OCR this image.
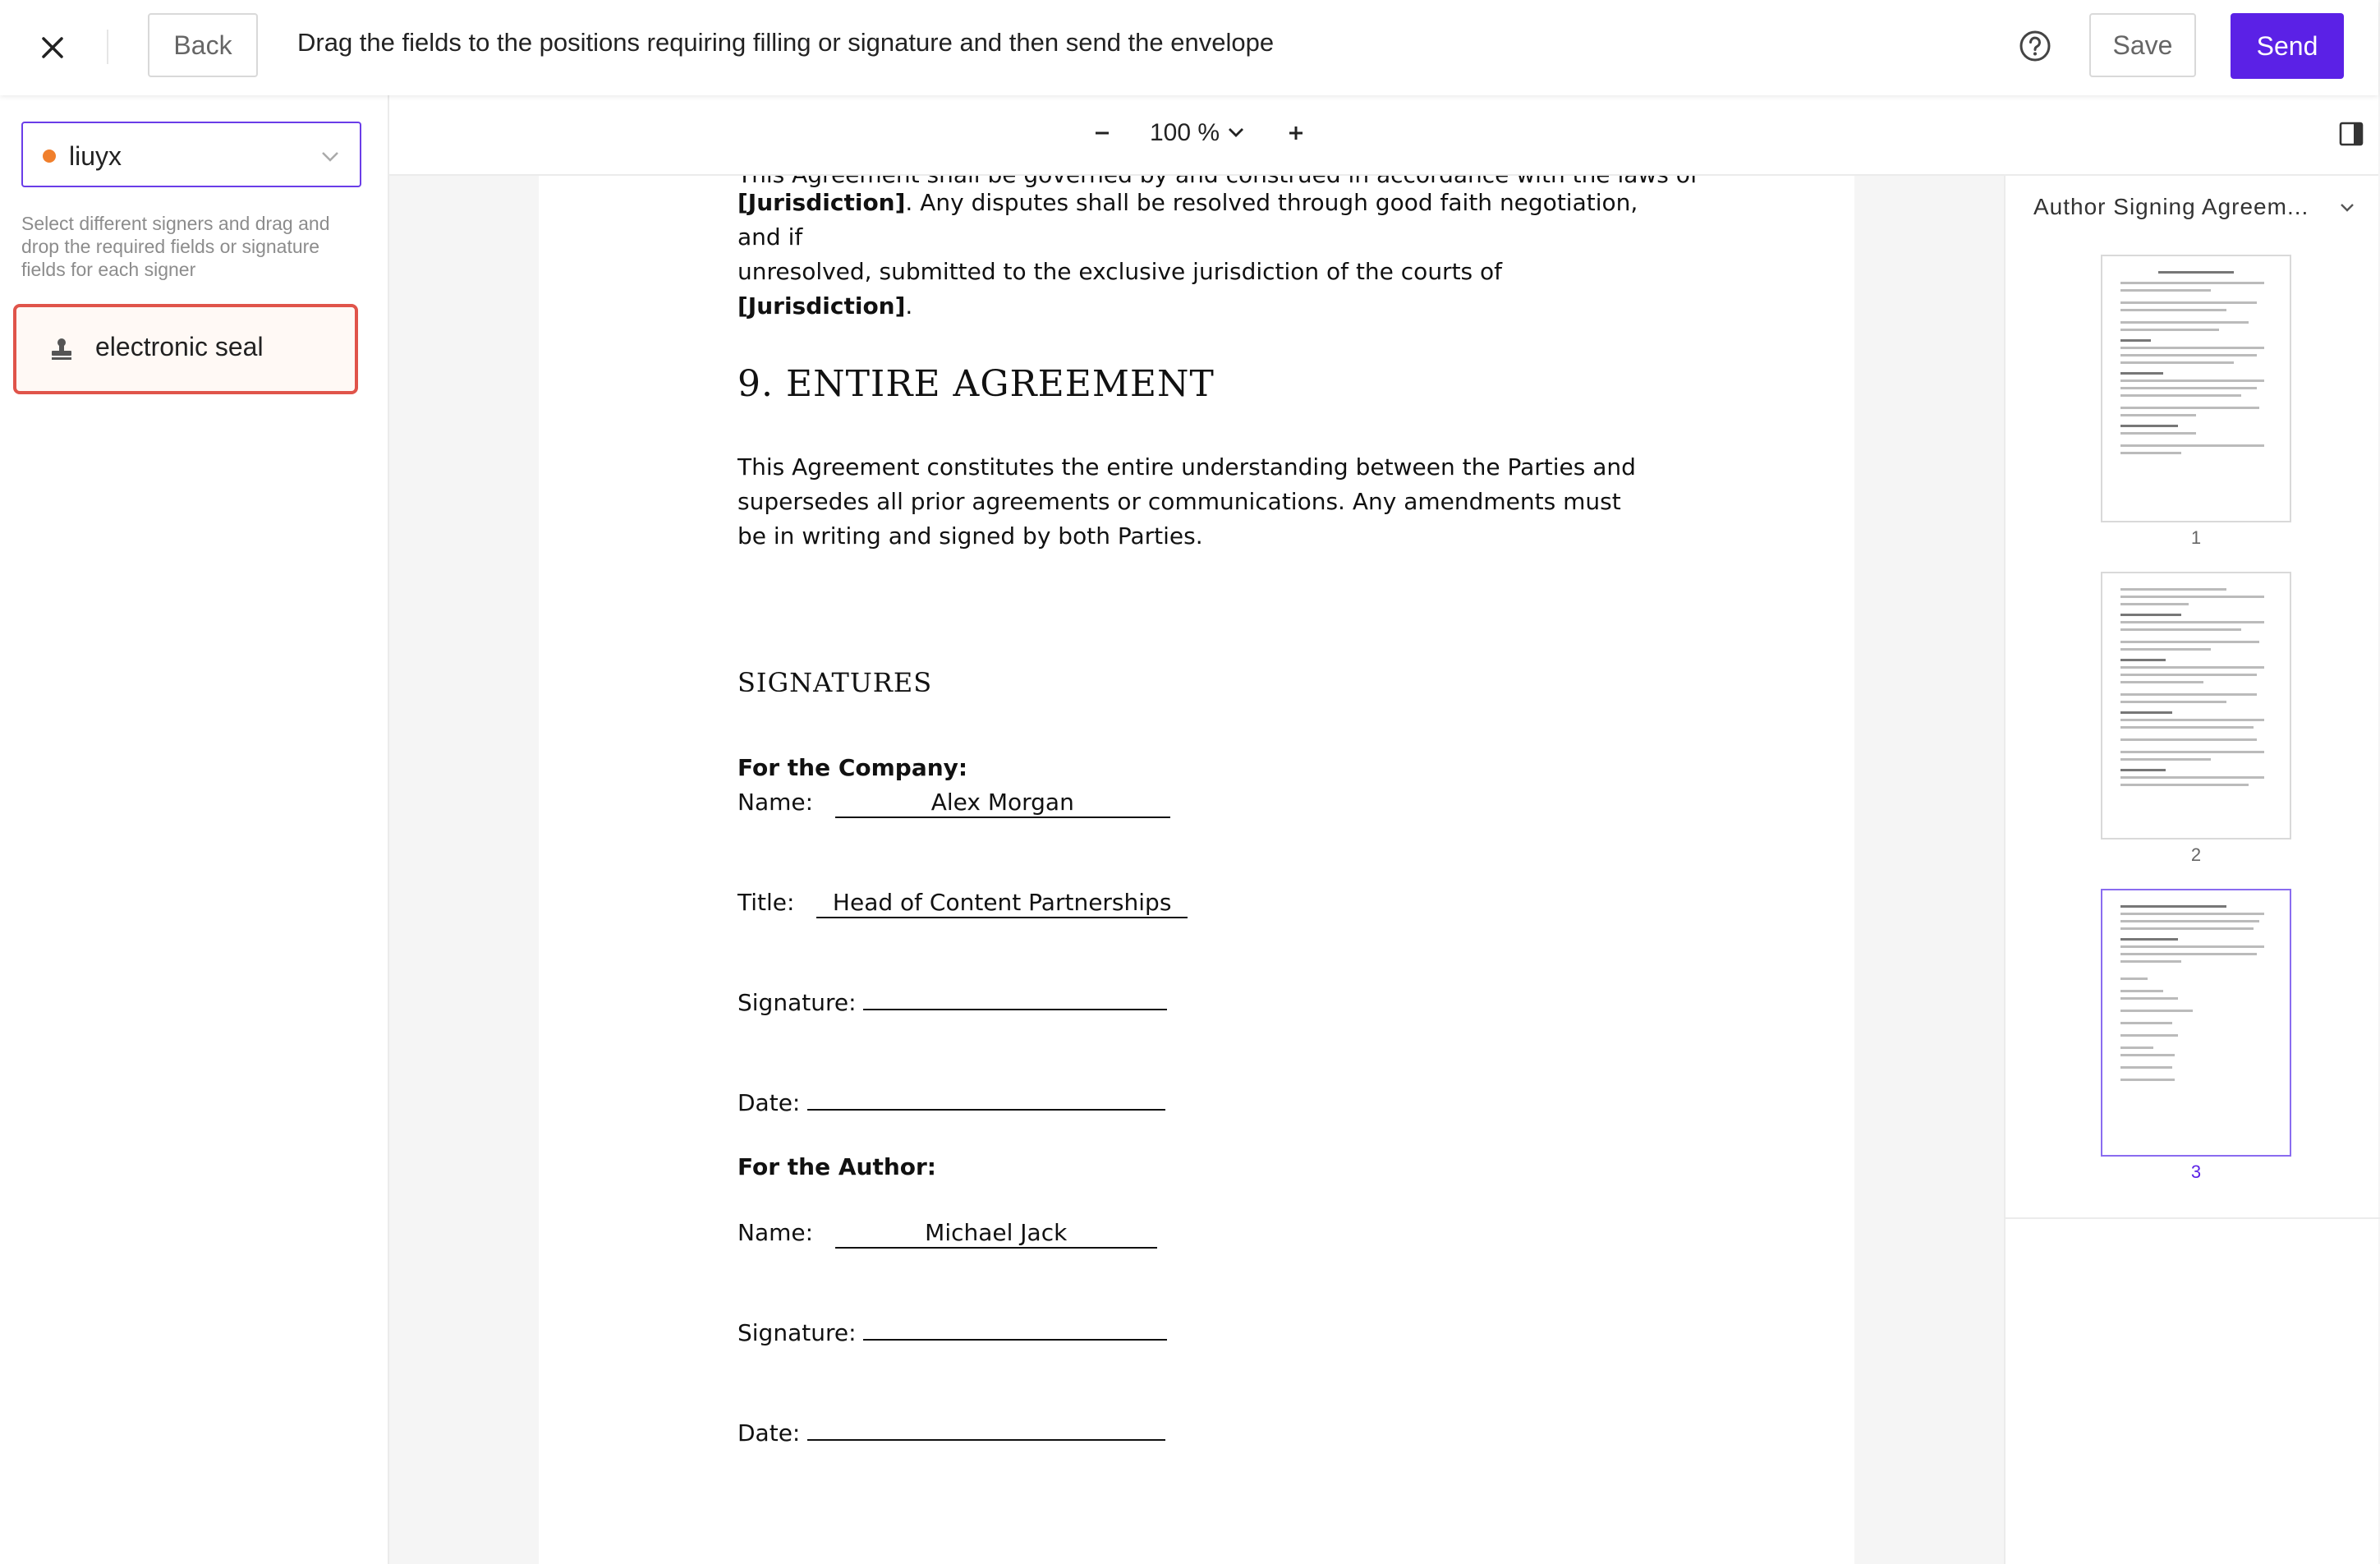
Back	Drag the fields to the positions requiring filling or signature and then send the envelope	Save	Send
liuyx
Select different signers and drag and drop the required fields or signature fields for each signer
electronic seal
100 %
[Jurisdiction]. Any disputes shall be resolved through good faith negotiation, and if
unresolved, submitted to the exclusive jurisdiction of the courts of [Jurisdiction].
9. ENTIRE AGREEMENT
This Agreement constitutes the entire understanding between the Parties and supersedes all prior agreements or communications. Any amendments must be in writing and signed by both Parties.
SIGNATURES
For the Company:
Name:	Alex Morgan
Title: Head of Content Partnerships
Signature:
Date:
For the Author:
Name:	Michael Jack
Signature:
Date:
Author Signing Agreem...
1
2
3
